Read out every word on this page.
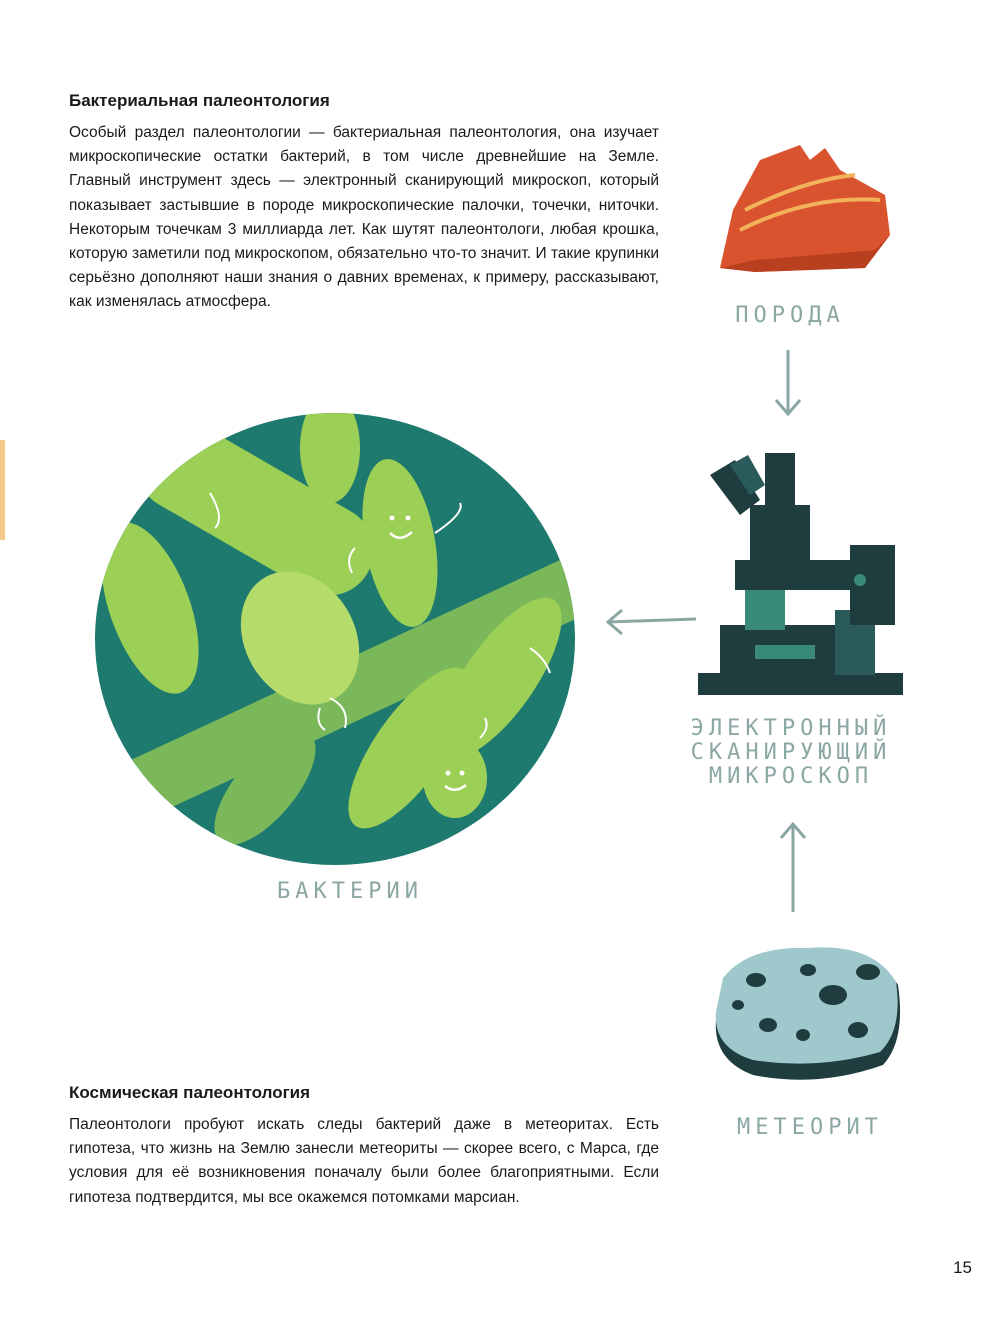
Бактериальная палеонтология

Особый раздел палеонтологии — бактериальная палеонтология, она изучает микроскопические остатки бактерий, в том числе древнейшие на Земле. Главный инструмент здесь — электронный сканирующий микроскоп, который показывает застывшие в породе микроскопические палочки, точечки, ниточки. Некоторым точечкам 3 миллиарда лет. Как шутят палеонтологи, любая крошка, которую заметили под микроскопом, обязательно что-то значит. И такие крупинки серьёзно дополняют наши знания о давних временах, к примеру, рассказывают, как изменялась атмосфера.

ПОРОДА
ЭЛЕКТРОННЫЙ
СКАНИРУЮЩИЙ
МИКРОСКОП
МЕТЕОРИТ
БАКТЕРИИ
Космическая палеонтология

Палеонтологи пробуют искать следы бактерий даже в метеоритах. Есть гипотеза, что жизнь на Землю занесли метеориты — скорее всего, с Марса, где условия для её возникновения поначалу были более благоприятными. Если гипотеза подтвердится, мы все окажемся потомками марсиан.

15
